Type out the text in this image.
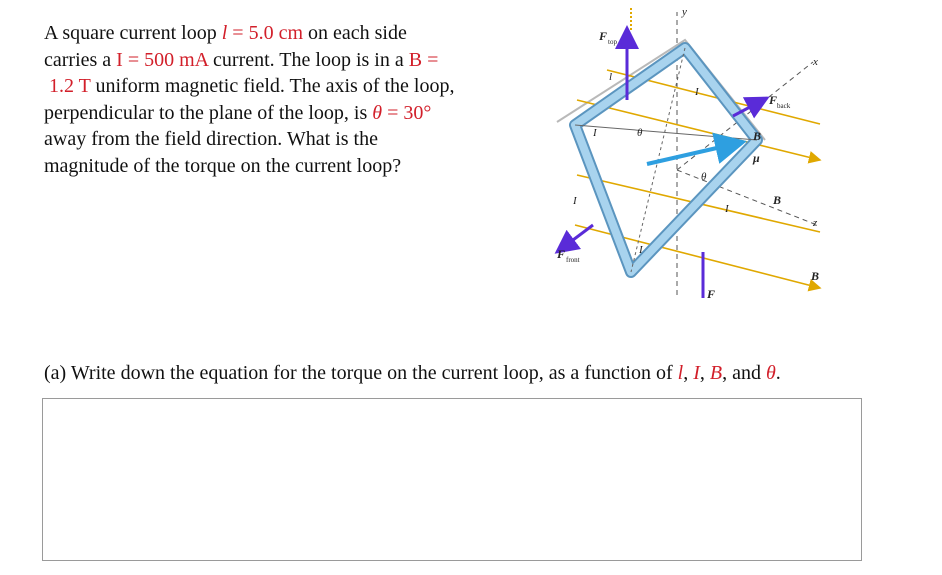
A square current loop l = 5.0 cm on each side
carries a I = 500 mA current. The loop is in a B =
1.2 T uniform magnetic field. The axis of the loop,
perpendicular to the plane of the loop, is θ = 30°
away from the field direction. What is the
magnitude of the torque on the current loop?
y
x
z
F top
F back
F front
F
B
B
B
μ
θ
θ
I
I
I
I
I
l
(a) Write down the equation for the torque on the current loop, as a function of l, I, B, and θ.
